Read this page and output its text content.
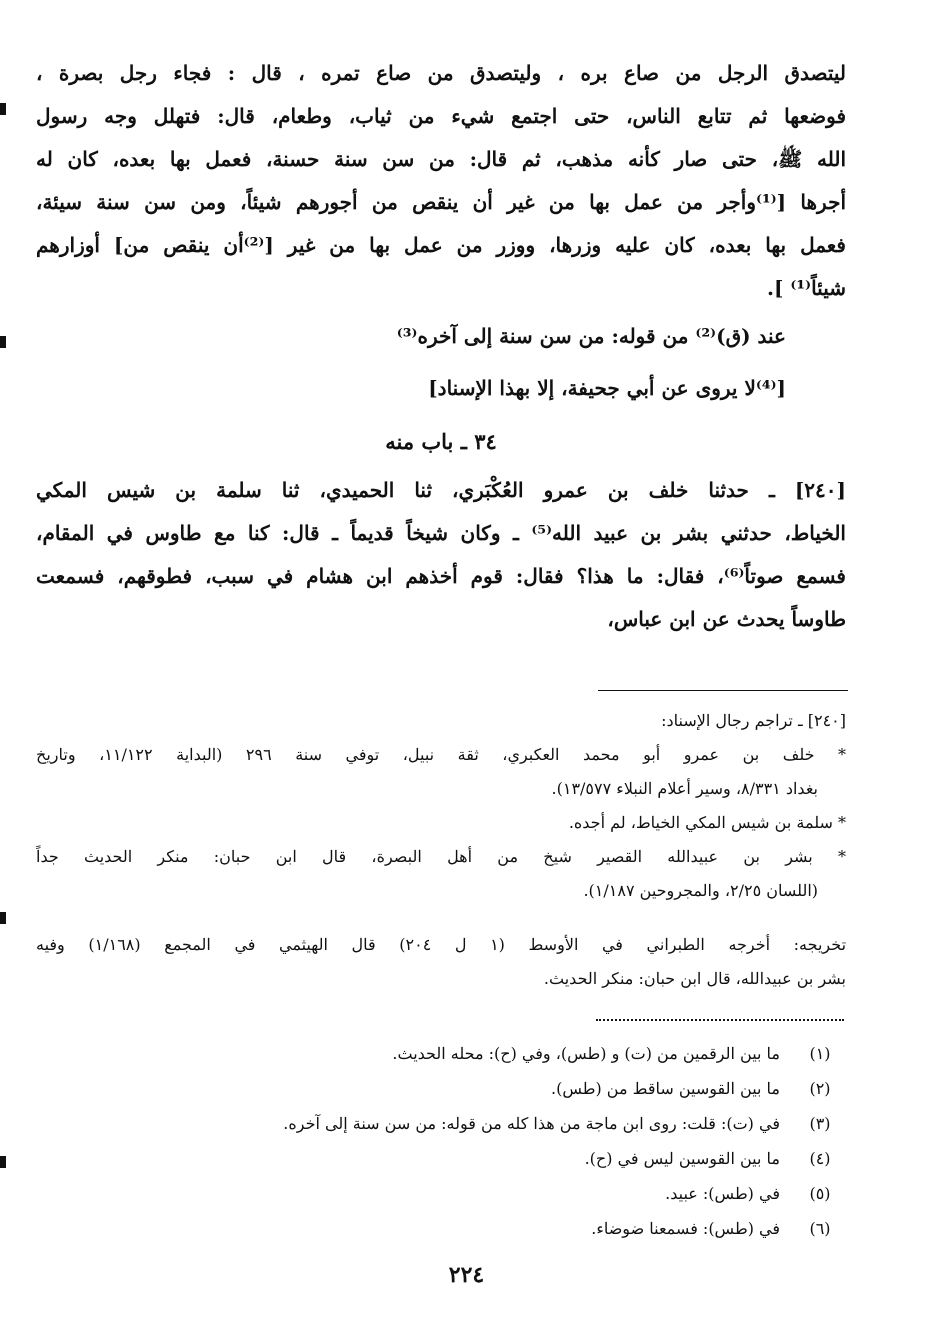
ليتصدق الرجل من صاع بره ، وليتصدق من صاع تمره ، قال : فجاء رجل بصرة ،
فوضعها ثم تتابع الناس، حتى اجتمع شيء من ثياب، وطعام، قال: فتهلل وجه رسول
الله ﷺ، حتى صار كأنه مذهب، ثم قال: من سن سنة حسنة، فعمل بها بعده، كان له
أجرها [⁽¹⁾وأجر من عمل بها من غير أن ينقص من أجورهم شيئاً، ومن سن سنة سيئة،
فعمل بها بعده، كان عليه وزرها، ووزر من عمل بها من غير [⁽²⁾أن ينقص من] أوزارهم
شيئاً⁽¹⁾ ].
عند (ق)⁽²⁾ من قوله: من سن سنة إلى آخره⁽³⁾
[⁽⁴⁾لا يروى عن أبي جحيفة، إلا بهذا الإسناد]
٣٤ ـ باب منه
[٢٤٠] ـ حدثنا خلف بن عمرو العُكْبَري، ثنا الحميدي، ثنا سلمة بن شيس المكي
الخياط، حدثني بشر بن عبيد الله⁽⁵⁾ ـ وكان شيخاً قديماً ـ قال: كنا مع طاوس في المقام،
فسمع صوتاً⁽⁶⁾، فقال: ما هذا؟ فقال: قوم أخذهم ابن هشام في سبب، فطوقهم، فسمعت
طاوساً يحدث عن ابن عباس،
[٢٤٠] ـ تراجم رجال الإسناد:
* خلف بن عمرو أبو محمد العكبري، ثقة نبيل، توفي سنة ٢٩٦ (البداية ١١/١٢٢، وتاريخ
بغداد ٨/٣٣١، وسير أعلام النبلاء ١٣/٥٧٧).
* سلمة بن شيس المكي الخياط، لم أجده.
* بشر بن عبيدالله القصير شيخ من أهل البصرة، قال ابن حبان: منكر الحديث جداً
(اللسان ٢/٢٥، والمجروحين ١/١٨٧).
تخريجه: أخرجه الطبراني في الأوسط (١ ل ٢٠٤) قال الهيثمي في المجمع (١/١٦٨) وفيه
بشر بن عبيدالله، قال ابن حبان: منكر الحديث.
(١)
ما بين الرقمين من (ت) و (طس)، وفي (ح): محله الحديث.
(٢)
ما بين القوسين ساقط من (طس).
(٣)
في (ت): قلت: روى ابن ماجة من هذا كله من قوله: من سن سنة إلى آخره.
(٤)
ما بين القوسين ليس في (ح).
(٥)
في (طس): عبيد.
(٦)
في (طس): فسمعنا ضوضاء.
٢٢٤
